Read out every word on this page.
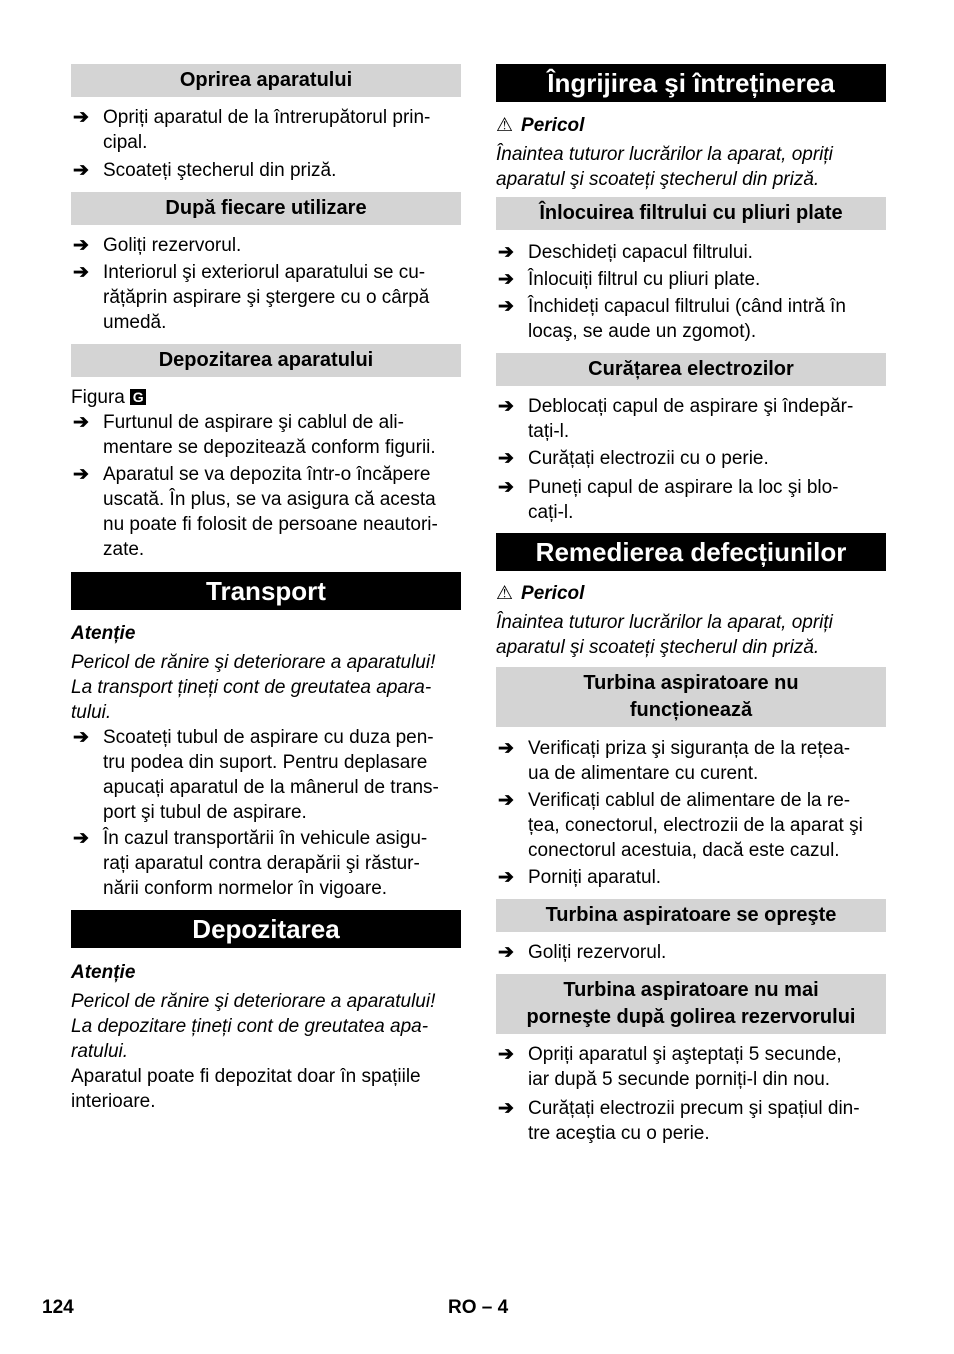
Oprirea aparatului
➔ Opriți aparatul de la întrerupătorul prin-
cipal.
➔ Scoateți ştecherul din priză.
După fiecare utilizare
➔ Goliți rezervorul.
➔ Interiorul şi exteriorul aparatului se cu-
rățăprin aspirare şi ştergere cu o cârpă
umedă.
Depozitarea aparatului
Figura G
➔ Furtunul de aspirare şi cablul de ali-
mentare se depozitează conform figurii.
➔ Aparatul se va depozita într-o încăpere
uscată. În plus, se va asigura că acesta
nu poate fi folosit de persoane neautori-
zate.
Transport
Atenție
Pericol de rănire şi deteriorare a aparatului!
La transport țineți cont de greutatea apara-
tului.
➔ Scoateți tubul de aspirare cu duza pen-
tru podea din suport. Pentru deplasare
apucați aparatul de la mânerul de trans-
port şi tubul de aspirare.
➔ În cazul transportării în vehicule asigu-
rați aparatul contra derapării şi răstur-
nării conform normelor în vigoare.
Depozitarea
Atenție
Pericol de rănire şi deteriorare a aparatului!
La depozitare țineți cont de greutatea apa-
ratului.
Aparatul poate fi depozitat doar în spațiile
interioare.
Îngrijirea şi întreținerea
⚠ Pericol
Înaintea tuturor lucrărilor la aparat, opriți
aparatul şi scoateți ştecherul din priză.
Înlocuirea filtrului cu pliuri plate
➔ Deschideți capacul filtrului.
➔ Înlocuiți filtrul cu pliuri plate.
➔ Închideți capacul filtrului (când intră în
locaş, se aude un zgomot).
Curățarea electrozilor
➔ Deblocați capul de aspirare şi îndepăr-
tați-l.
➔ Curățați electrozii cu o perie.
➔ Puneți capul de aspirare la loc şi blo-
cați-l.
Remedierea defecțiunilor
⚠ Pericol
Înaintea tuturor lucrărilor la aparat, opriți
aparatul şi scoateți ştecherul din priză.
Turbina aspiratoare nu
funcționează
➔ Verificați priza şi siguranța de la rețea-
ua de alimentare cu curent.
➔ Verificați cablul de alimentare de la re-
țea, conectorul, electrozii de la aparat şi
conectorul acestuia, dacă este cazul.
➔ Porniți aparatul.
Turbina aspiratoare se opreşte
➔ Goliți rezervorul.
Turbina aspiratoare nu mai
porneşte după golirea rezervorului
➔ Opriți aparatul şi aşteptați 5 secunde,
iar după 5 secunde porniți-l din nou.
➔ Curățați electrozii precum şi spațiul din-
tre aceştia cu o perie.
124	RO – 4
